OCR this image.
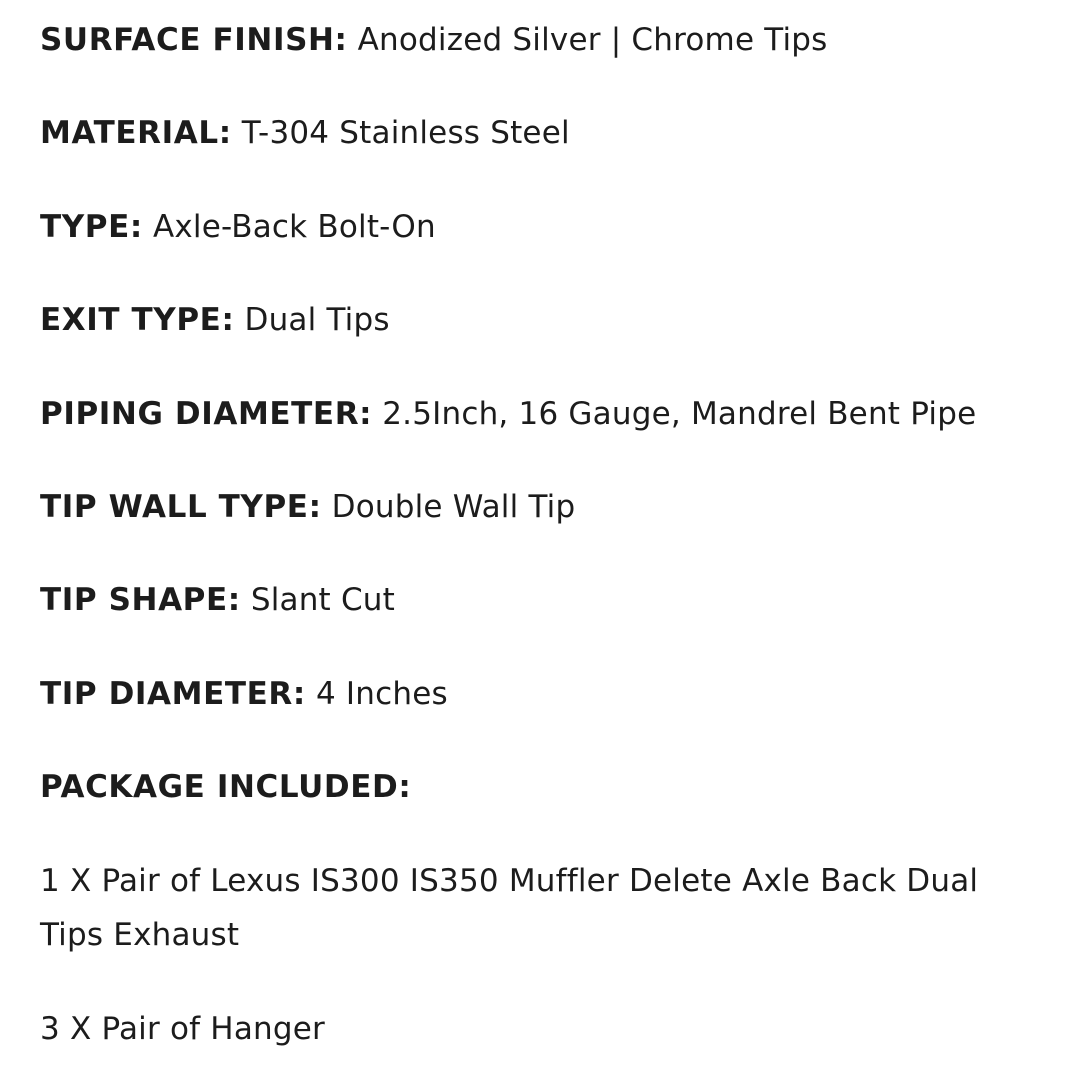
SURFACE FINISH: Anodized Silver | Chrome Tips
MATERIAL: T-304 Stainless Steel
TYPE: Axle-Back Bolt-On
EXIT TYPE: Dual Tips
PIPING DIAMETER: 2.5Inch, 16 Gauge, Mandrel Bent Pipe
TIP WALL TYPE: Double Wall Tip
TIP SHAPE: Slant Cut
TIP DIAMETER: 4 Inches
PACKAGE INCLUDED:
1 X Pair of Lexus IS300 IS350 Muffler Delete Axle Back Dual Tips Exhaust
3 X Pair of Hanger
